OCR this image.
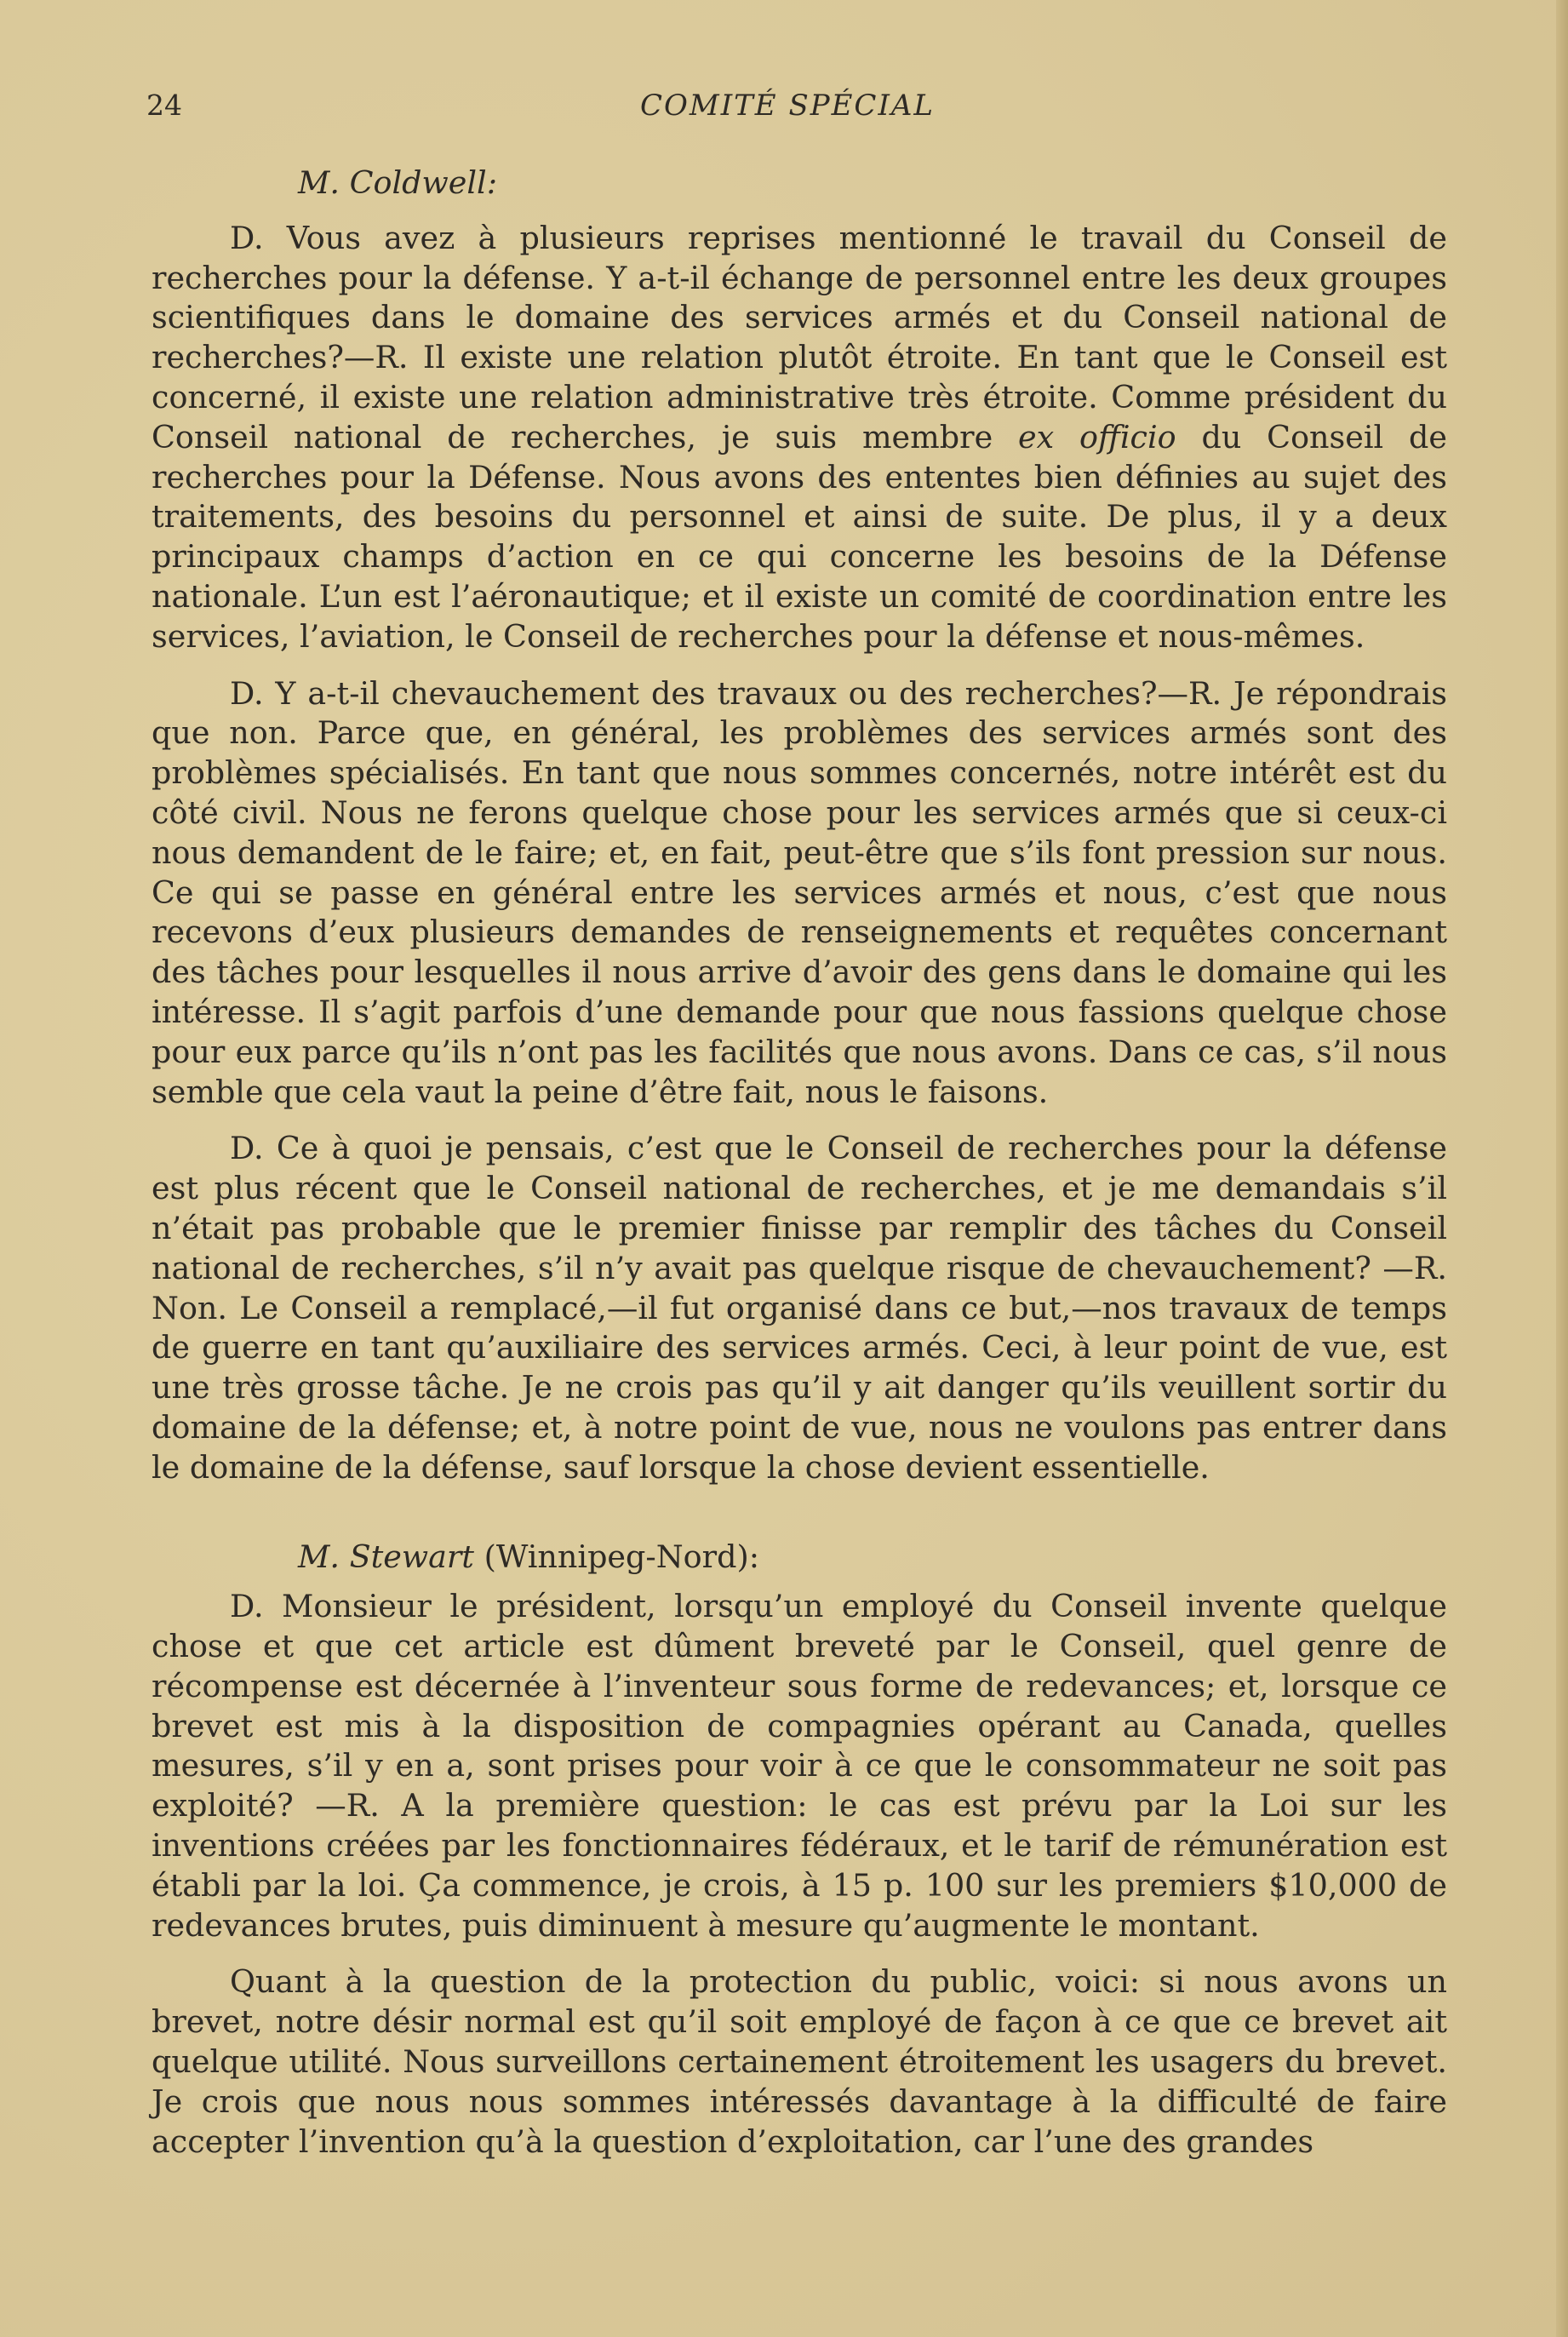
24	COMITÉ SPÉCIAL

M. Coldwell:

D. Vous avez à plusieurs reprises mentionné le travail du Conseil de recherches pour la défense. Y a-t-il échange de personnel entre les deux groupes scientifiques dans le domaine des services armés et du Conseil national de recherches?—R. Il existe une relation plutôt étroite. En tant que le Conseil est concerné, il existe une relation administrative très étroite. Comme président du Conseil national de recherches, je suis membre ex officio du Conseil de recherches pour la Défense. Nous avons des ententes bien définies au sujet des traitements, des besoins du personnel et ainsi de suite. De plus, il y a deux principaux champs d’action en ce qui concerne les besoins de la Défense nationale. L’un est l’aéronautique; et il existe un comité de coordination entre les services, l’aviation, le Conseil de recherches pour la défense et nous-mêmes.

D. Y a-t-il chevauchement des travaux ou des recherches?—R. Je répondrais que non. Parce que, en général, les problèmes des services armés sont des problèmes spécialisés. En tant que nous sommes concernés, notre intérêt est du côté civil. Nous ne ferons quelque chose pour les services armés que si ceux-ci nous demandent de le faire; et, en fait, peut-être que s’ils font pression sur nous. Ce qui se passe en général entre les services armés et nous, c’est que nous recevons d’eux plusieurs demandes de renseignements et requêtes concernant des tâches pour lesquelles il nous arrive d’avoir des gens dans le domaine qui les intéresse. Il s’agit parfois d’une demande pour que nous fassions quelque chose pour eux parce qu’ils n’ont pas les facilités que nous avons. Dans ce cas, s’il nous semble que cela vaut la peine d’être fait, nous le faisons.

D. Ce à quoi je pensais, c’est que le Conseil de recherches pour la défense est plus récent que le Conseil national de recherches, et je me demandais s’il n’était pas probable que le premier finisse par remplir des tâches du Conseil national de recherches, s’il n’y avait pas quelque risque de chevauchement? —R. Non. Le Conseil a remplacé,—il fut organisé dans ce but,—nos travaux de temps de guerre en tant qu’auxiliaire des services armés. Ceci, à leur point de vue, est une très grosse tâche. Je ne crois pas qu’il y ait danger qu’ils veuillent sortir du domaine de la défense; et, à notre point de vue, nous ne voulons pas entrer dans le domaine de la défense, sauf lorsque la chose devient essentielle.

M. Stewart (Winnipeg-Nord):

D. Monsieur le président, lorsqu’un employé du Conseil invente quelque chose et que cet article est dûment breveté par le Conseil, quel genre de récompense est décernée à l’inventeur sous forme de redevances; et, lorsque ce brevet est mis à la disposition de compagnies opérant au Canada, quelles mesures, s’il y en a, sont prises pour voir à ce que le consommateur ne soit pas exploité? —R. A la première question: le cas est prévu par la Loi sur les inventions créées par les fonctionnaires fédéraux, et le tarif de rémunération est établi par la loi. Ça commence, je crois, à 15 p. 100 sur les premiers $10,000 de redevances brutes, puis diminuent à mesure qu’augmente le montant.

Quant à la question de la protection du public, voici: si nous avons un brevet, notre désir normal est qu’il soit employé de façon à ce que ce brevet ait quelque utilité. Nous surveillons certainement étroitement les usagers du brevet. Je crois que nous nous sommes intéressés davantage à la difficulté de faire accepter l’invention qu’à la question d’exploitation, car l’une des grandes
